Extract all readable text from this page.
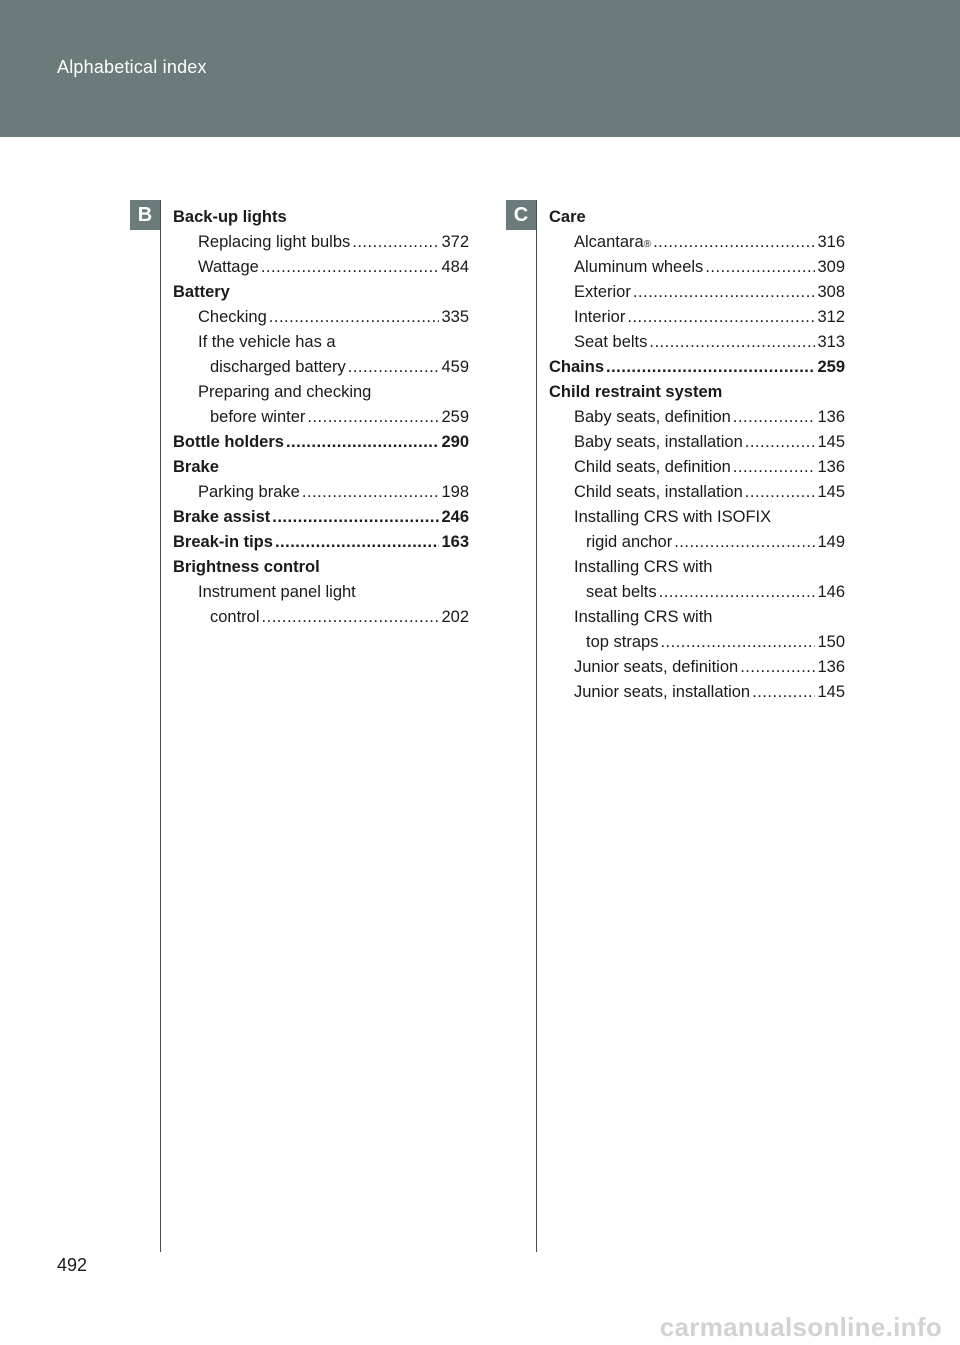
Alphabetical index
B	C
Back-up lights
Replacing light bulbs .....	372
Wattage .....	484
Battery
Checking .....	335
If the vehicle has a
discharged battery .....	459
Preparing and checking
before winter .....	259
Bottle holders .....	290
Brake
Parking brake .....	198
Brake assist .....	246
Break-in tips .....	163
Brightness control
Instrument panel light
control .....	202
Care
Alcantara ® .....	316
Aluminum wheels .....	309
Exterior .....	308
Interior .....	312
Seat belts .....	313
Chains .....	259
Child restraint system
Baby seats, definition .....	136
Baby seats, installation .....	145
Child seats, definition .....	136
Child seats, installation .....	145
Installing CRS with ISOFIX
rigid anchor .....	149
Installing CRS with
seat belts .....	146
Installing CRS with
top straps .....	150
Junior seats, definition .....	136
Junior seats, installation .....	145
492
carmanualsonline.info
